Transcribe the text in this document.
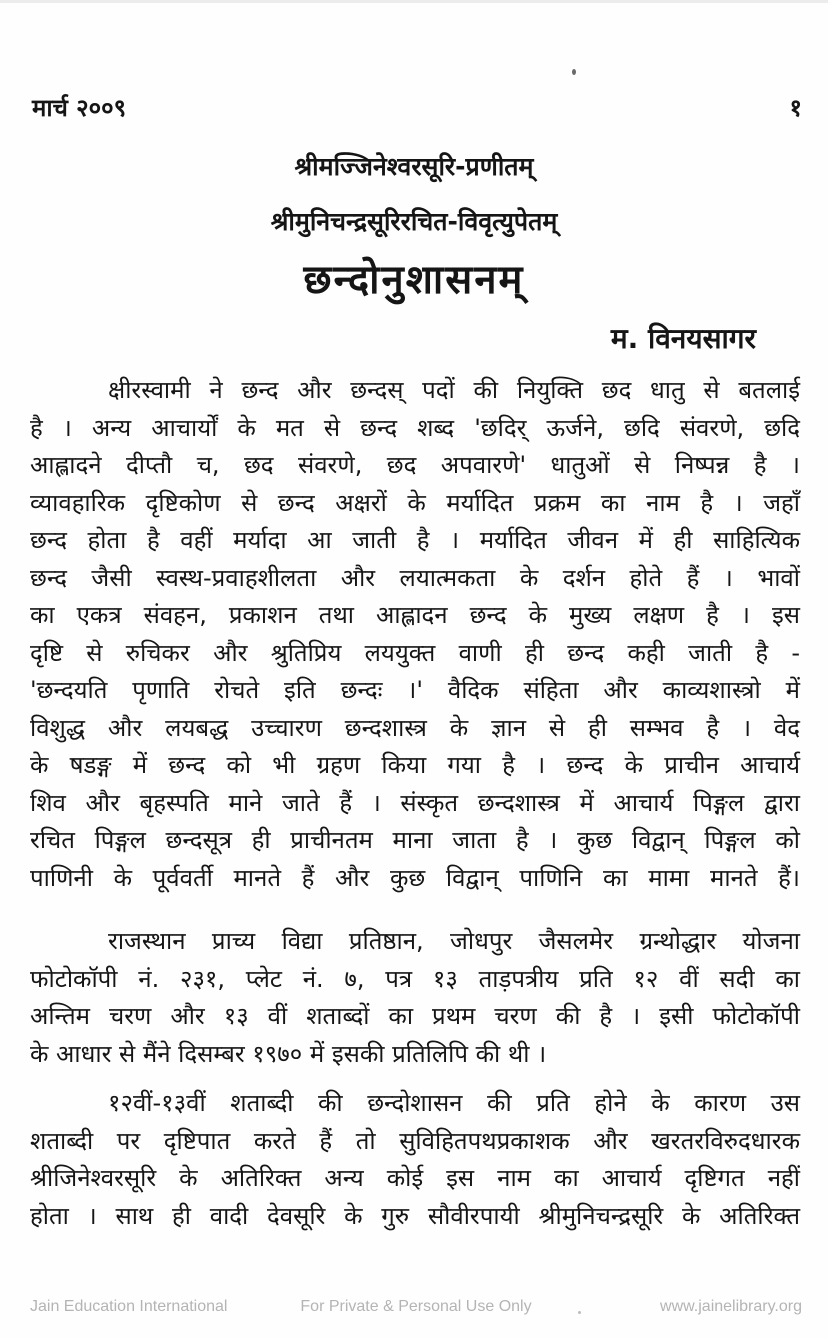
मार्च २००९	१
श्रीमज्जिनेश्वरसूरि-प्रणीतम्
श्रीमुनिचन्द्रसूरिरचित-विवृत्युपेतम्
छन्दोनुशासनम्
म. विनयसागर
क्षीरस्वामी ने छन्द और छन्दस् पदों की नियुक्ति छद धातु से बतलाई
है । अन्य आचार्यों के मत से छन्द शब्द 'छदिर् ऊर्जने, छदि संवरणे, छदि
आह्लादने दीप्तौ च, छद संवरणे, छद अपवारणे' धातुओं से निष्पन्न है ।
व्यावहारिक दृष्टिकोण से छन्द अक्षरों के मर्यादित प्रक्रम का नाम है । जहाँ
छन्द होता है वहीं मर्यादा आ जाती है । मर्यादित जीवन में ही साहित्यिक
छन्द जैसी स्वस्थ-प्रवाहशीलता और लयात्मकता के दर्शन होते हैं । भावों
का एकत्र संवहन, प्रकाशन तथा आह्लादन छन्द के मुख्य लक्षण है । इस
दृष्टि से रुचिकर और श्रुतिप्रिय लययुक्त वाणी ही छन्द कही जाती है -
'छन्दयति पृणाति रोचते इति छन्दः ।' वैदिक संहिता और काव्यशास्त्रो में
विशुद्ध और लयबद्ध उच्चारण छन्दशास्त्र के ज्ञान से ही सम्भव है । वेद
के षडङ्ग में छन्द को भी ग्रहण किया गया है । छन्द के प्राचीन आचार्य
शिव और बृहस्पति माने जाते हैं । संस्कृत छन्दशास्त्र में आचार्य पिङ्गल द्वारा
रचित पिङ्गल छन्दसूत्र ही प्राचीनतम माना जाता है । कुछ विद्वान् पिङ्गल को
पाणिनी के पूर्ववर्ती मानते हैं और कुछ विद्वान् पाणिनि का मामा मानते हैं।
राजस्थान प्राच्य विद्या प्रतिष्ठान, जोधपुर जैसलमेर ग्रन्थोद्धार योजना
फोटोकॉपी नं. २३१, प्लेट नं. ७, पत्र १३ ताड़पत्रीय प्रति १२ वीं सदी का
अन्तिम चरण और १३ वीं शताब्दों का प्रथम चरण की है । इसी फोटोकॉपी
के आधार से मैंने दिसम्बर १९७० में इसकी प्रतिलिपि की थी ।
१२वीं-१३वीं शताब्दी की छन्दोशासन की प्रति होने के कारण उस
शताब्दी पर दृष्टिपात करते हैं तो सुविहितपथप्रकाशक और खरतरविरुदधारक
श्रीजिनेश्वरसूरि के अतिरिक्त अन्य कोई इस नाम का आचार्य दृष्टिगत नहीं
होता । साथ ही वादी देवसूरि के गुरु सौवीरपायी श्रीमुनिचन्द्रसूरि के अतिरिक्त
Jain Education International	For Private & Personal Use Only	www.jainelibrary.org
